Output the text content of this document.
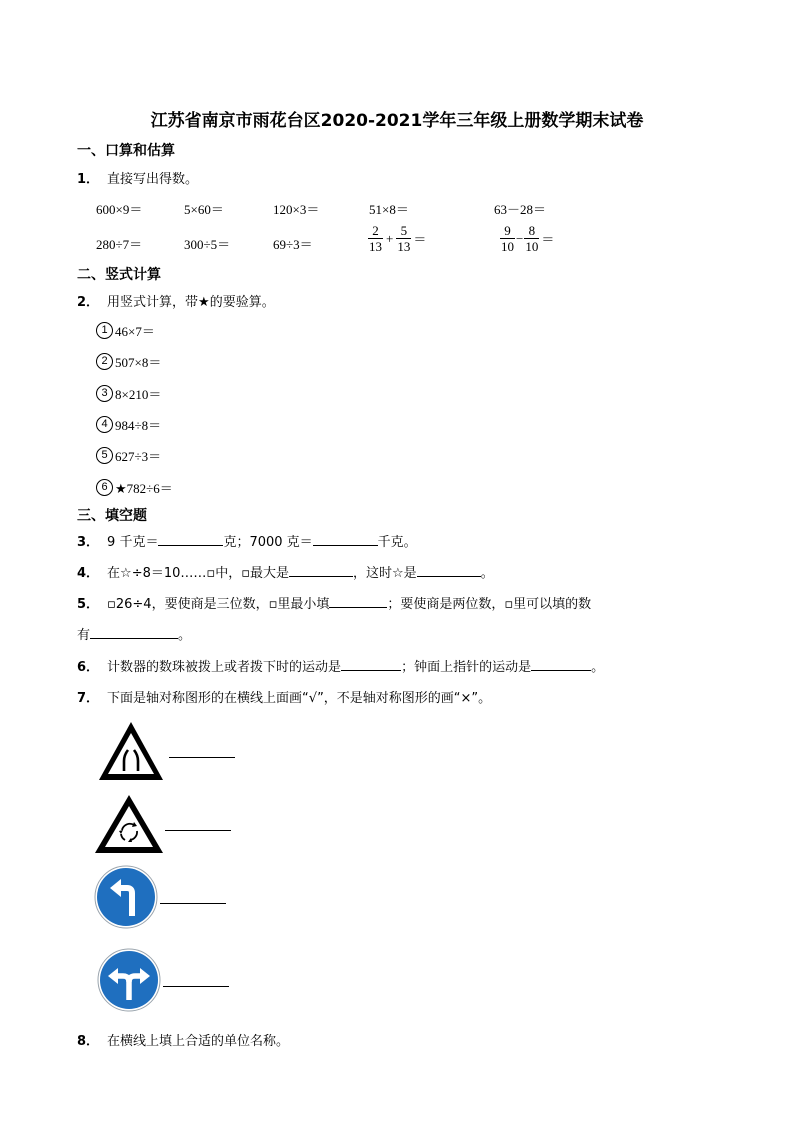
江苏省南京市雨花台区2020-2021学年三年级上册数学期末试卷
一、口算和估算
1． 直接写出得数。
600×9＝	5×60＝	120×3＝	51×8＝	63－28＝
280÷7＝	300÷5＝	69÷3＝	$\frac{2}{13} + \frac{5}{13}$ ＝	$\frac{9}{10} - \frac{8}{10}$ ＝
二、竖式计算
2． 用竖式计算，带★的要验算。
1 46×7＝
2 507×8＝
3 8×210＝
4 984÷8＝
5 627÷3＝
6 ★782÷6＝
三、填空题
3． 9 千克＝	克；7000 克＝	千克。
4． 在☆÷8＝10……▫中，▫最大是	，这时☆是	。
5． ▫26÷4，要使商是三位数，▫里最小填	；要使商是两位数，▫里可以填的数
有	。
6． 计数器的数珠被拨上或者拨下时的运动是	；钟面上指针的运动是	。
7． 下面是轴对称图形的在横线上面画“√”，不是轴对称图形的画“×”。
8． 在横线上填上合适的单位名称。
